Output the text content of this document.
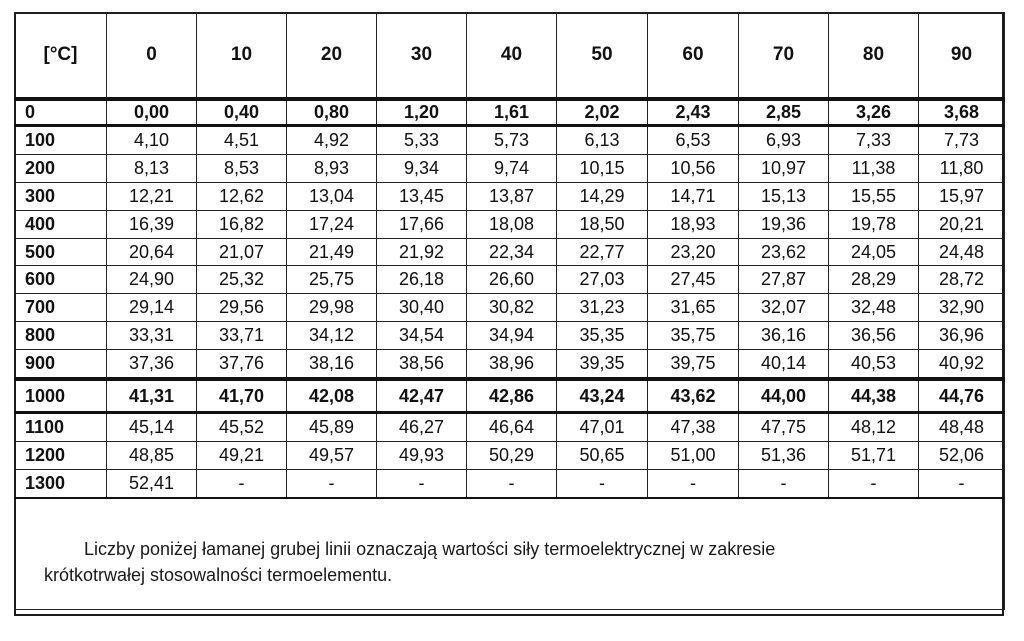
[°C]	0	10	20	30	40	50	60	70	80	90
0	0,00	0,40	0,80	1,20	1,61	2,02	2,43	2,85	3,26	3,68
100	4,10	4,51	4,92	5,33	5,73	6,13	6,53	6,93	7,33	7,73
200	8,13	8,53	8,93	9,34	9,74	10,15	10,56	10,97	11,38	11,80
300	12,21	12,62	13,04	13,45	13,87	14,29	14,71	15,13	15,55	15,97
400	16,39	16,82	17,24	17,66	18,08	18,50	18,93	19,36	19,78	20,21
500	20,64	21,07	21,49	21,92	22,34	22,77	23,20	23,62	24,05	24,48
600	24,90	25,32	25,75	26,18	26,60	27,03	27,45	27,87	28,29	28,72
700	29,14	29,56	29,98	30,40	30,82	31,23	31,65	32,07	32,48	32,90
800	33,31	33,71	34,12	34,54	34,94	35,35	35,75	36,16	36,56	36,96
900	37,36	37,76	38,16	38,56	38,96	39,35	39,75	40,14	40,53	40,92
1000	41,31	41,70	42,08	42,47	42,86	43,24	43,62	44,00	44,38	44,76
1100	45,14	45,52	45,89	46,27	46,64	47,01	47,38	47,75	48,12	48,48
1200	48,85	49,21	49,57	49,93	50,29	50,65	51,00	51,36	51,71	52,06
1300	52,41	-	-	-	-	-	-	-	-	-

Liczby poniżej łamanej grubej linii oznaczają wartości siły termoelektrycznej w zakresie
krótkotrwałej stosowalności termoelementu.
